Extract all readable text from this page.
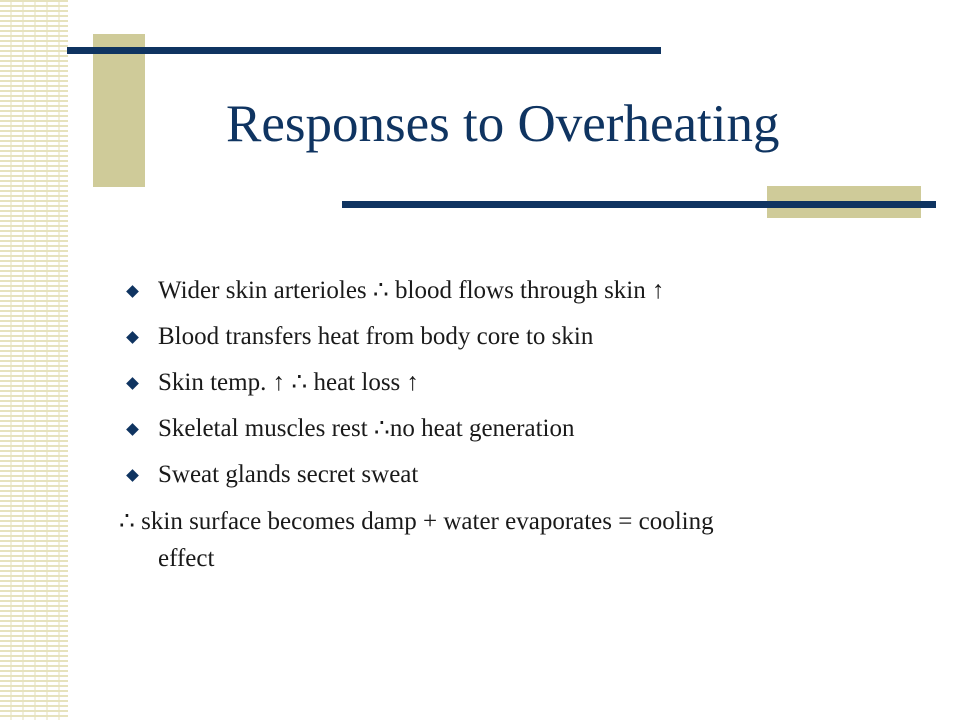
Responses to Overheating
Wider skin arterioles ∴ blood flows through skin ↑
Blood transfers heat from body core to skin
Skin temp. ↑ ∴ heat loss ↑
Skeletal muscles rest ∴no heat generation
Sweat glands secret sweat

∴ skin surface becomes damp + water evaporates = cooling
effect
